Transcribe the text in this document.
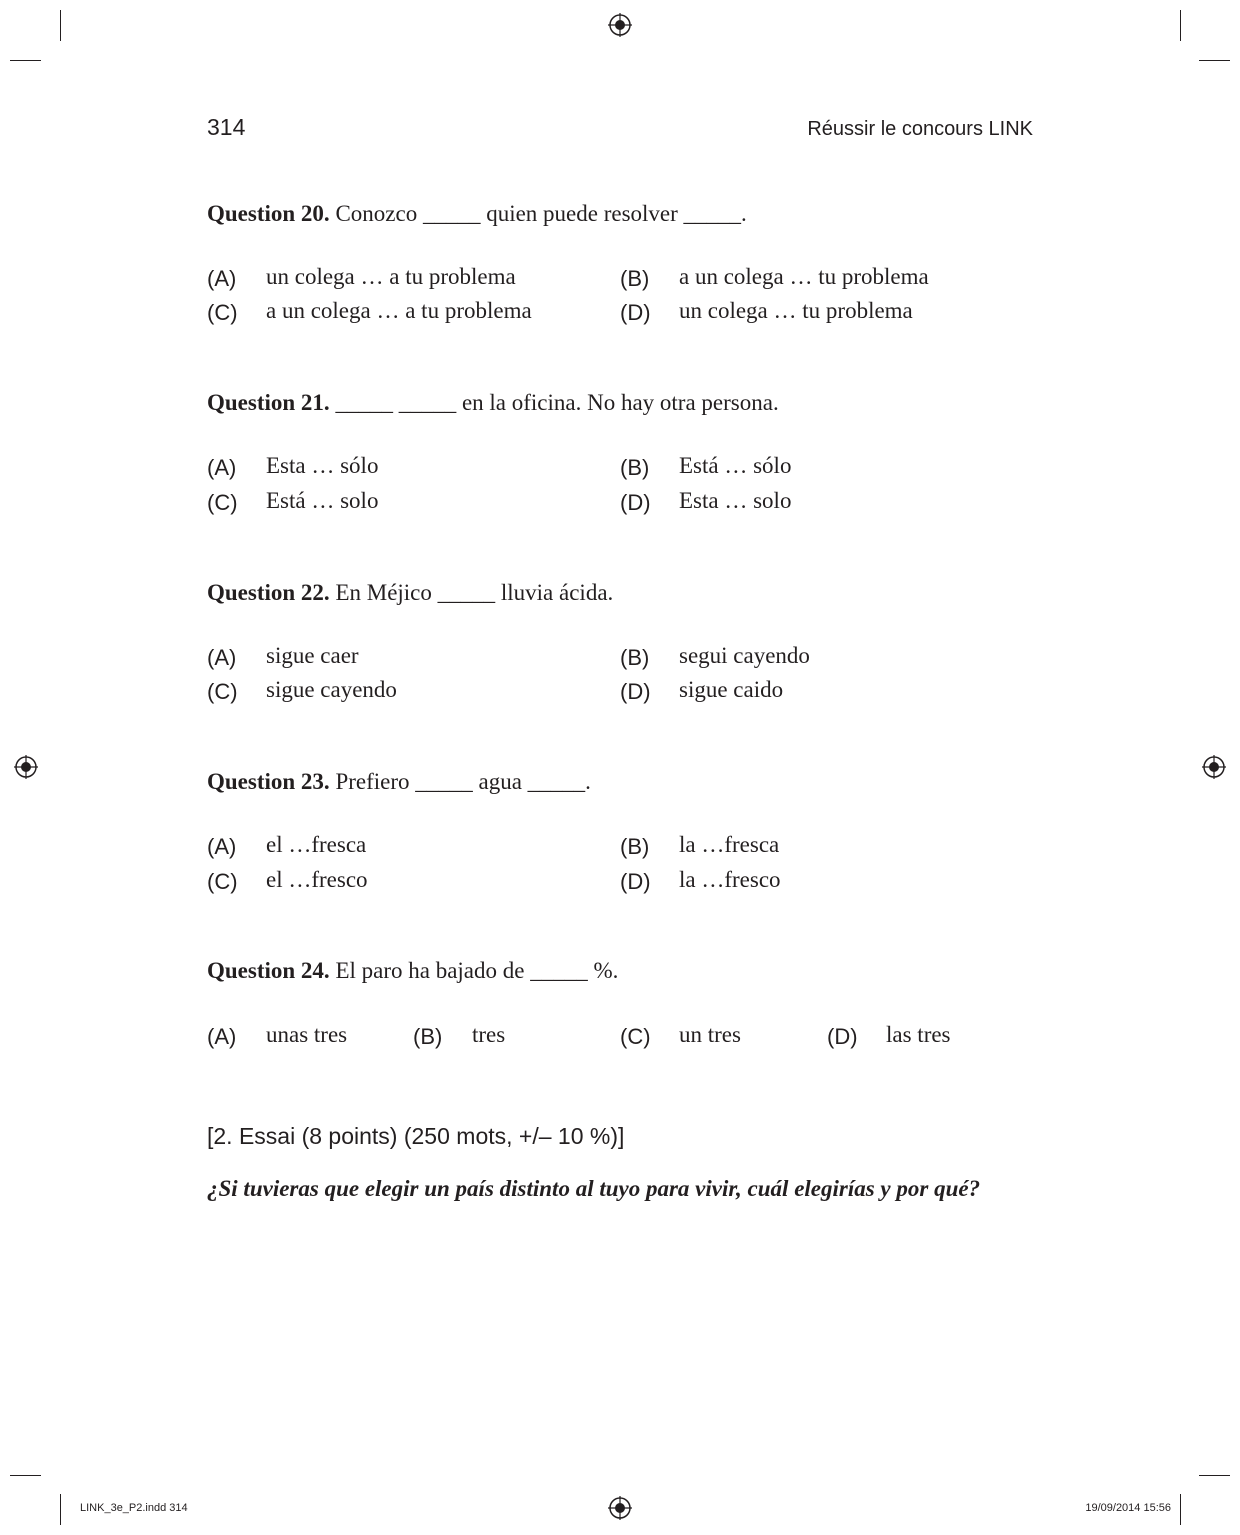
314	Réussir le concours LINK
Question 20. Conozco _____ quien puede resolver _____.
(A) un colega … a tu problema	(B) a un colega … tu problema
(C) a un colega … a tu problema	(D) un colega … tu problema
Question 21. _____ _____ en la oficina. No hay otra persona.
(A) Esta … sólo	(B) Está … sólo
(C) Está … solo	(D) Esta … solo
Question 22. En Méjico _____ lluvia ácida.
(A) sigue caer	(B) segui cayendo
(C) sigue cayendo	(D) sigue caido
Question 23. Prefiero _____ agua _____.
(A) el …fresca	(B) la …fresca
(C) el …fresco	(D) la …fresco
Question 24. El paro ha bajado de _____ %.
(A) unas tres	(B) tres	(C) un tres	(D) las tres
[2. Essai (8 points) (250 mots, +/– 10 %)]
¿Si tuvieras que elegir un país distinto al tuyo para vivir, cuál elegirías y por qué?
LINK_3e_P2.indd 314	19/09/2014 15:56
